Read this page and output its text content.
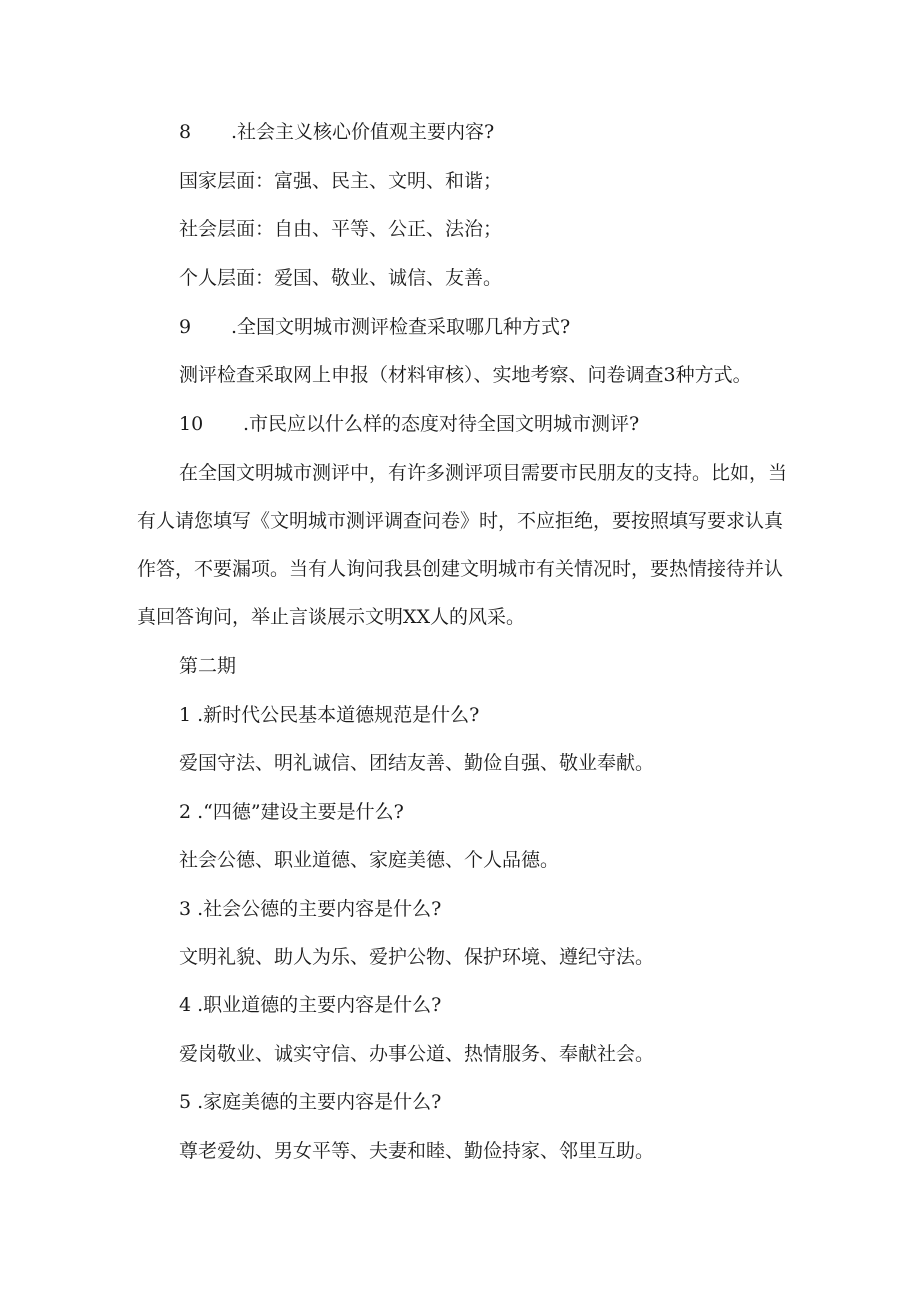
8 .社会主义核心价值观主要内容?

国家层面：富强、民主、文明、和谐；

社会层面：自由、平等、公正、法治；

个人层面：爱国、敬业、诚信、友善。

9 .全国文明城市测评检查采取哪几种方式?

测评检查采取网上申报（材料审核）、实地考察、问卷调查3种方式。

10 .市民应以什么样的态度对待全国文明城市测评?

在全国文明城市测评中，有许多测评项目需要市民朋友的支持。比如，当有人请您填写《文明城市测评调查问卷》时，不应拒绝，要按照填写要求认真作答，不要漏项。当有人询问我县创建文明城市有关情况时，要热情接待并认真回答询问，举止言谈展示文明XX人的风采。

第二期

1 .新时代公民基本道德规范是什么?

爱国守法、明礼诚信、团结友善、勤俭自强、敬业奉献。

2 .“四德”建设主要是什么?

社会公德、职业道德、家庭美德、个人品德。

3 .社会公德的主要内容是什么?

文明礼貌、助人为乐、爱护公物、保护环境、遵纪守法。

4 .职业道德的主要内容是什么?

爱岗敬业、诚实守信、办事公道、热情服务、奉献社会。

5 .家庭美德的主要内容是什么?

尊老爱幼、男女平等、夫妻和睦、勤俭持家、邻里互助。
